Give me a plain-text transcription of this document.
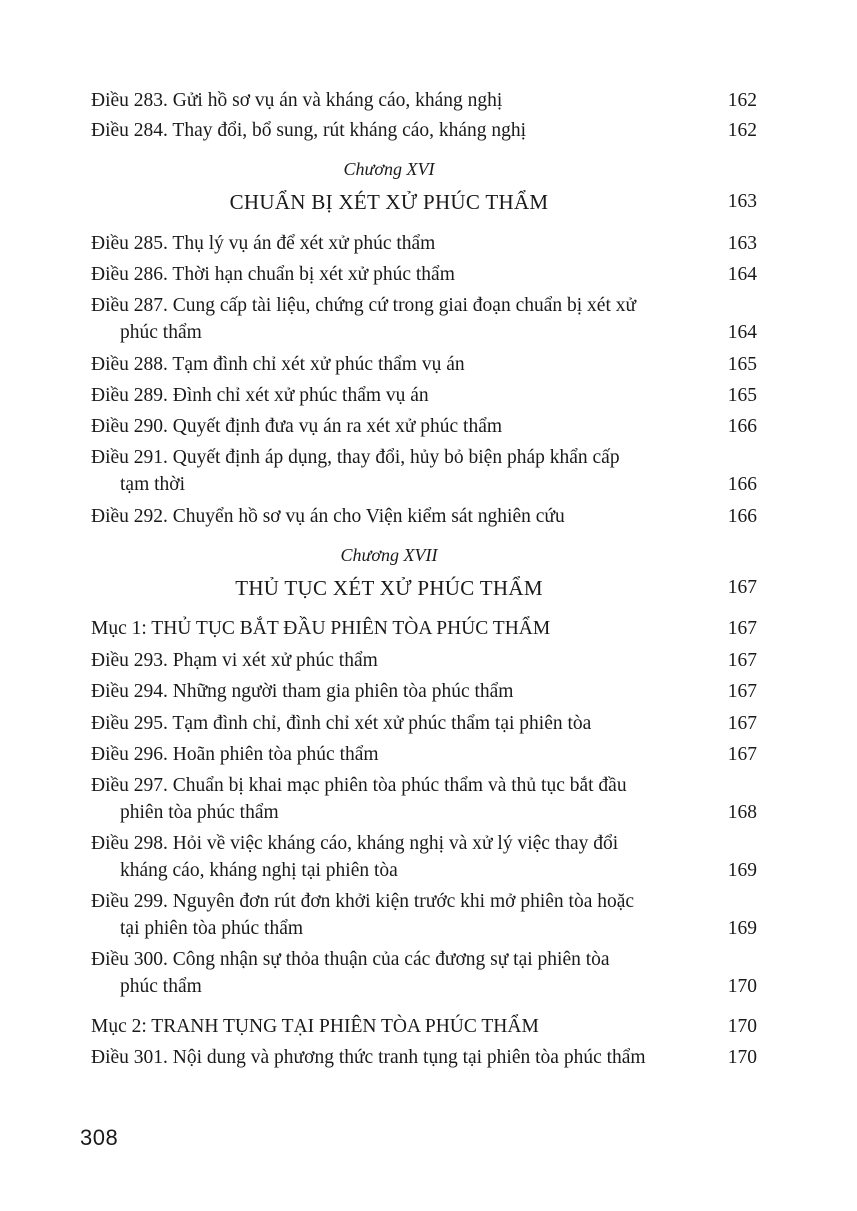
Điều 283. Gửi hồ sơ vụ án và kháng cáo, kháng nghị	162
Điều 284. Thay đổi, bổ sung, rút kháng cáo, kháng nghị	162
Chương XVI
CHUẨN BỊ XÉT XỬ PHÚC THẨM	163
Điều 285. Thụ lý vụ án để xét xử phúc thẩm	163
Điều 286. Thời hạn chuẩn bị xét xử phúc thẩm	164
Điều 287. Cung cấp tài liệu, chứng cứ trong giai đoạn chuẩn bị xét xử
phúc thẩm	164
Điều 288. Tạm đình chỉ xét xử phúc thẩm vụ án	165
Điều 289. Đình chỉ xét xử phúc thẩm vụ án	165
Điều 290. Quyết định đưa vụ án ra xét xử phúc thẩm	166
Điều 291. Quyết định áp dụng, thay đổi, hủy bỏ biện pháp khẩn cấp
tạm thời	166
Điều 292. Chuyển hồ sơ vụ án cho Viện kiểm sát nghiên cứu	166
Chương XVII
THỦ TỤC XÉT XỬ PHÚC THẨM	167
Mục 1: THỦ TỤC BẮT ĐẦU PHIÊN TÒA PHÚC THẨM	167
Điều 293. Phạm vi xét xử phúc thẩm	167
Điều 294. Những người tham gia phiên tòa phúc thẩm	167
Điều 295. Tạm đình chỉ, đình chỉ xét xử phúc thẩm tại phiên tòa	167
Điều 296. Hoãn phiên tòa phúc thẩm	167
Điều 297. Chuẩn bị khai mạc phiên tòa phúc thẩm và thủ tục bắt đầu
phiên tòa phúc thẩm	168
Điều 298. Hỏi về việc kháng cáo, kháng nghị và xử lý việc thay đổi
kháng cáo, kháng nghị tại phiên tòa	169
Điều 299. Nguyên đơn rút đơn khởi kiện trước khi mở phiên tòa hoặc
tại phiên tòa phúc thẩm	169
Điều 300. Công nhận sự thỏa thuận của các đương sự tại phiên tòa
phúc thẩm	170
Mục 2: TRANH TỤNG TẠI PHIÊN TÒA PHÚC THẨM	170
Điều 301. Nội dung và phương thức tranh tụng tại phiên tòa phúc thẩm	170
308
